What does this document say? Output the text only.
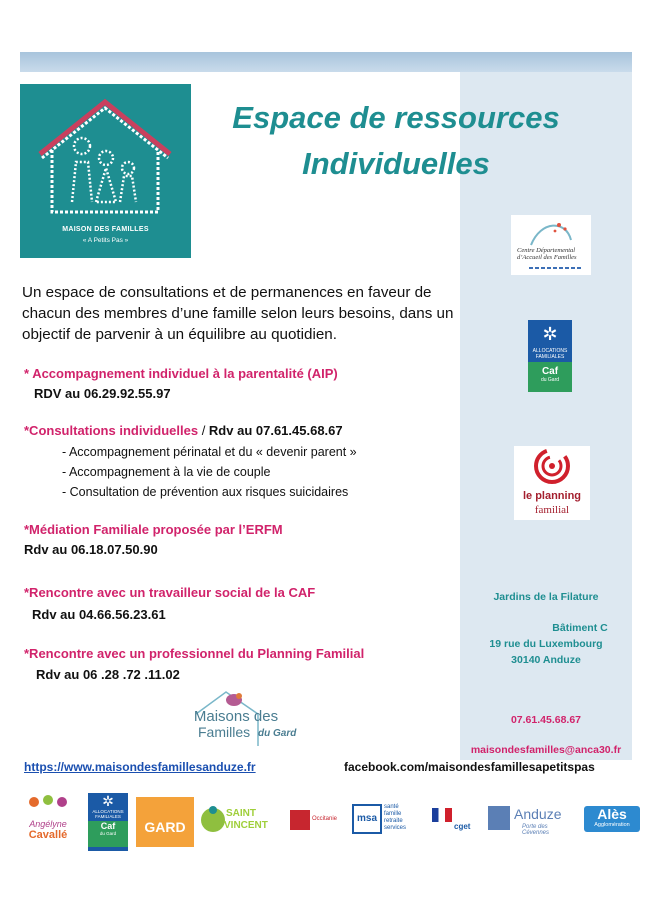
MAISON DES FAMILLES
« A Petits Pas »
Espace de ressources
Individuelles
Un espace de consultations et de permanences en faveur de chacun des membres d’une famille selon leurs besoins, dans un objectif de parvenir à un équilibre au quotidien.
* Accompagnement individuel à la parentalité (AIP)
RDV au 06.29.92.55.97
*Consultations individuelles / Rdv au 07.61.45.68.67
- Accompagnement périnatal et du « devenir parent »
- Accompagnement à la vie de couple
- Consultation de prévention aux risques suicidaires
*Médiation Familiale proposée par l’ERFM
Rdv au 06.18.07.50.90
*Rencontre avec un travailleur social de la CAF
Rdv au 04.66.56.23.61
*Rencontre avec un professionnel du Planning Familial
Rdv au 06 .28 .72 .11.02
Centre Départemental d’Accueil des Familles
✲
ALLOCATIONS
FAMILIALES
Caf
du Gard
le planning
familial
Jardins de la Filature
Bâtiment C
19 rue du Luxembourg
30140 Anduze
07.61.45.68.67
maisondesfamilles@anca30.fr
Maisons des
Familles du Gard
https://www.maisondesfamillesanduze.fr	facebook.com/maisondesfamillesapetitspas
Angélyne
Cavallé
✲
ALLOCATIONS
FAMILIALES
Caf
du Gard	GARD
SAINT
VINCENT
Occitanie	msa
santé
famille
retraite
services	cget
Anduze
Porte des Cévennes
Alès
Agglomération
